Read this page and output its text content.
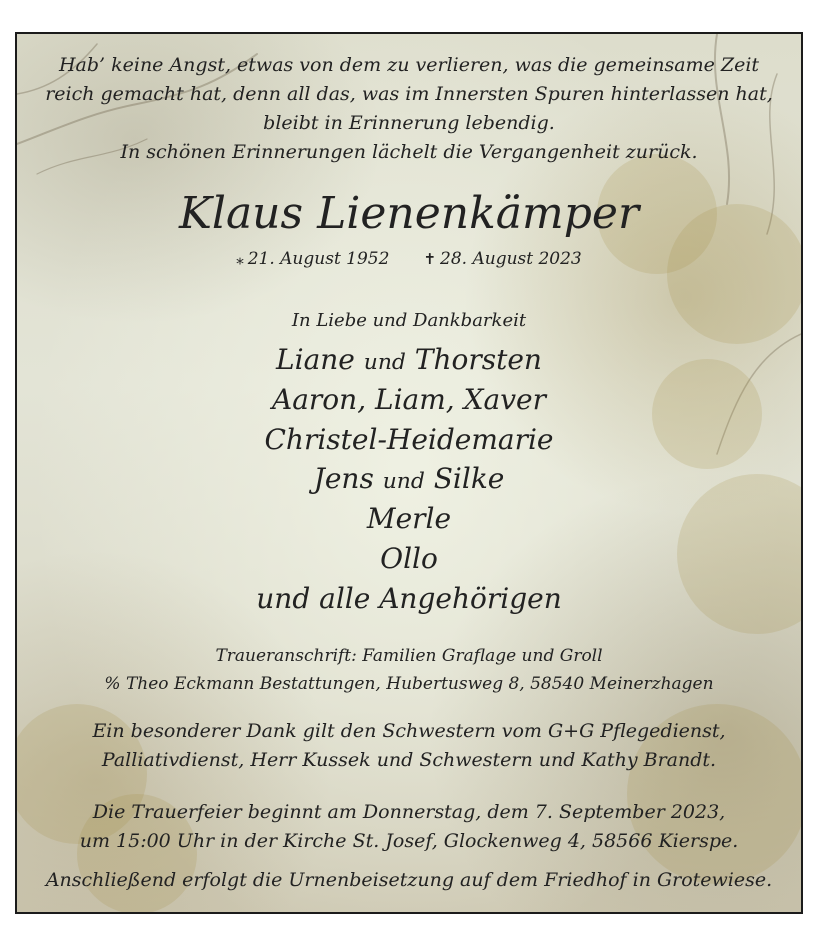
Hab’ keine Angst, etwas von dem zu verlieren, was die gemeinsame Zeit
reich gemacht hat, denn all das, was im Innersten Spuren hinterlassen hat,
bleibt in Erinnerung lebendig.
In schönen Erinnerungen lächelt die Vergangenheit zurück.
Klaus Lienenkämper
⁎ 21. August 1952 ✝ 28. August 2023
In Liebe und Dankbarkeit
Liane und Thorsten
Aaron, Liam, Xaver
Christel-Heidemarie
Jens und Silke
Merle
Ollo
und alle Angehörigen
Traueranschrift: Familien Graflage und Groll
% Theo Eckmann Bestattungen, Hubertusweg 8, 58540 Meinerzhagen
Ein besonderer Dank gilt den Schwestern vom G+G Pflegedienst,
Palliativdienst, Herr Kussek und Schwestern und Kathy Brandt.
Die Trauerfeier beginnt am Donnerstag, dem 7. September 2023,
um 15:00 Uhr in der Kirche St. Josef, Glockenweg 4, 58566 Kierspe.
Anschließend erfolgt die Urnenbeisetzung auf dem Friedhof in Grotewiese.
